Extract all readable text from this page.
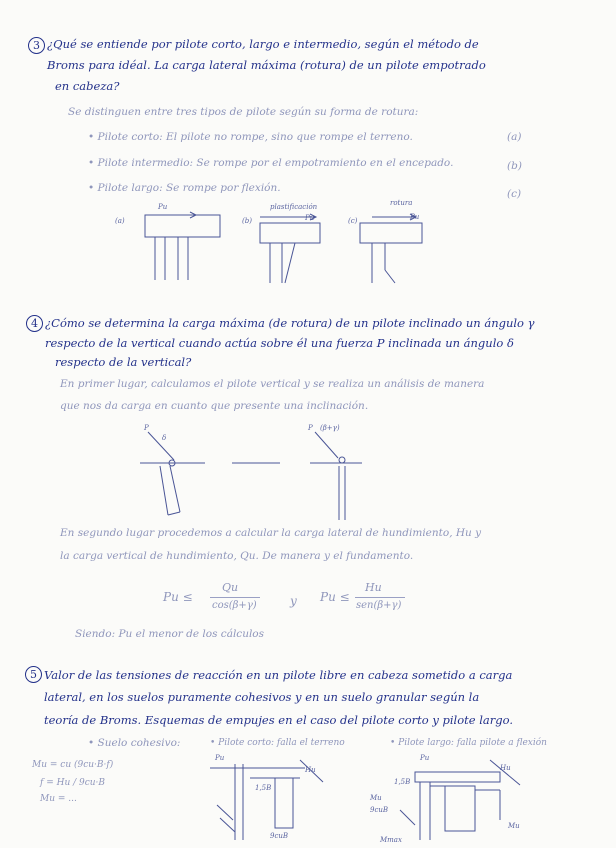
3 ¿Qué se entiende por pilote corto, largo e intermedio, según el método de
Broms para idéal. La carga lateral máxima (rotura) de un pilote empotrado
en cabeza?
Se distinguen entre tres tipos de pilote según su forma de rotura:
• Pilote corto: El pilote no rompe, sino que rompe el terreno.
• Pilote intermedio: Se rompe por el empotramiento en el encepado.
• Pilote largo: Se rompe por flexión.
(a)
(b)
(c)
(a)
Pu
(b)
plastificación
Pu	(c)
rotura
Pu
4 ¿Cómo se determina la carga máxima (de rotura) de un pilote inclinado un ángulo γ
respecto de la vertical cuando actúa sobre él una fuerza P inclinada un ángulo δ
respecto de la vertical?
En primer lugar, calculamos el pilote vertical y se realiza un análisis de manera
que nos da carga en cuanto que presente una inclinación.
P
δ
P (β+γ)
En segundo lugar procedemos a calcular la carga lateral de hundimiento, Hu y
la carga vertical de hundimiento, Qu. De manera y el fundamento.
Pu ≤
Qu
cos(β+γ)	y Pu ≤
Hu
sen(β+γ)
Siendo: Pu el menor de los cálculos
5 Valor de las tensiones de reacción en un pilote libre en cabeza sometido a carga
lateral, en los suelos puramente cohesivos y en un suelo granular según la
teoría de Broms. Esquemas de empujes en el caso del pilote corto y pilote largo.
• Suelo cohesivo:	• Pilote corto: falla el terreno	• Pilote largo: falla pilote a flexión
Mu = cu (9cu·B·f)
f = Hu / 9cu·B
Mu = ...
Pu
Hu
1,5B
9cuB
Pu
Hu
Mu
9cuB
1,5B
Mu
Mmax
